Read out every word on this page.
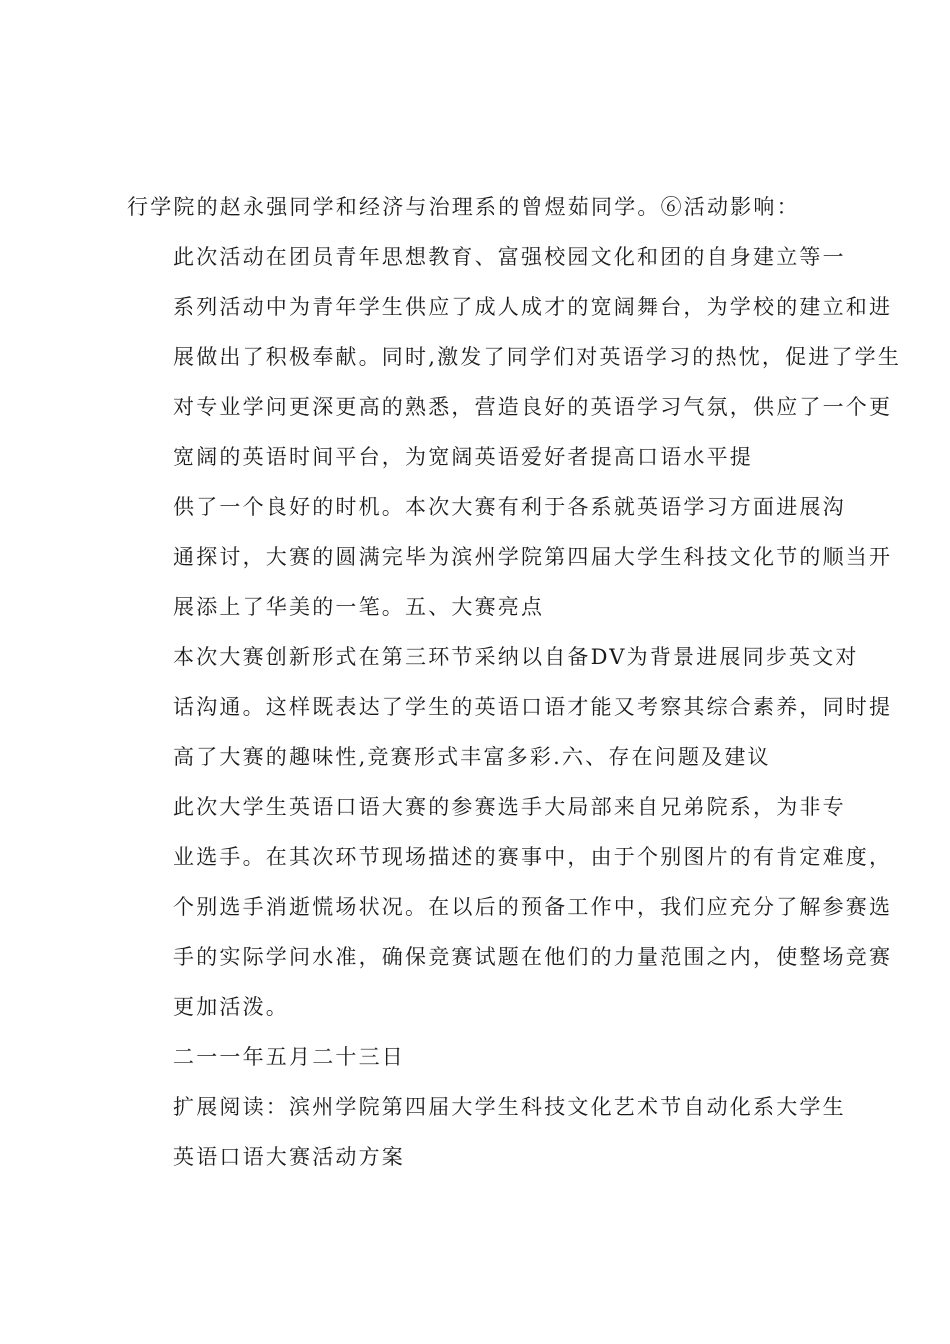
行学院的赵永强同学和经济与治理系的曾煜茹同学。⑥活动影响：

此次活动在团员青年思想教育、富强校园文化和团的自身建立等一
系列活动中为青年学生供应了成人成才的宽阔舞台，为学校的建立和进
展做出了积极奉献。同时,激发了同学们对英语学习的热忱，促进了学生
对专业学问更深更高的熟悉，营造良好的英语学习气氛，供应了一个更
宽阔的英语时间平台，为宽阔英语爱好者提高口语水平提

供了一个良好的时机。本次大赛有利于各系就英语学习方面进展沟
通探讨，大赛的圆满完毕为滨州学院第四届大学生科技文化节的顺当开
展添上了华美的一笔。五、大赛亮点

本次大赛创新形式在第三环节采纳以自备DV为背景进展同步英文对
话沟通。这样既表达了学生的英语口语才能又考察其综合素养，同时提
高了大赛的趣味性,竞赛形式丰富多彩.六、存在问题及建议

此次大学生英语口语大赛的参赛选手大局部来自兄弟院系，为非专
业选手。在其次环节现场描述的赛事中，由于个别图片的有肯定难度，
个别选手消逝慌场状况。在以后的预备工作中，我们应充分了解参赛选
手的实际学问水准，确保竞赛试题在他们的力量范围之内，使整场竞赛
更加活泼。

二一一年五月二十三日

扩展阅读：滨州学院第四届大学生科技文化艺术节自动化系大学生
英语口语大赛活动方案
